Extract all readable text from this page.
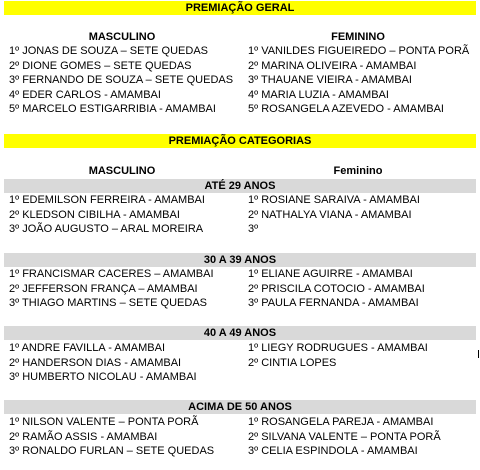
PREMIAÇÃO GERAL
MASCULINO	FEMININO
1º JONAS DE SOUZA – SETE QUEDAS
2º DIONE GOMES – SETE QUEDAS
3º FERNANDO DE SOUZA – SETE QUEDAS
4º EDER CARLOS - AMAMBAI
5º MARCELO ESTIGARRIBIA - AMAMBAI
1º VANILDES FIGUEIREDO – PONTA PORÃ
2º MARINA OLIVEIRA - AMAMBAI
3º THAUANE VIEIRA - AMAMBAI
4º MARIA LUZIA - AMAMBAI
5º ROSANGELA AZEVEDO - AMAMBAI
PREMIAÇÃO CATEGORIAS
MASCULINO	Feminino
ATÉ 29 ANOS
1º EDEMILSON FERREIRA - AMAMBAI
2º KLEDSON CIBILHA - AMAMBAI
3º JOÃO AUGUSTO – ARAL MOREIRA
1º ROSIANE SARAIVA - AMAMBAI
2º NATHALYA VIANA - AMAMBAI
3º
30 A 39 ANOS
1º FRANCISMAR CACERES – AMAMBAI
2º JEFFERSON FRANÇA – AMAMBAI
3º THIAGO MARTINS – SETE QUEDAS
1º ELIANE AGUIRRE - AMAMBAI
2º PRISCILA COTOCIO - AMAMBAI
3º PAULA FERNANDA - AMAMBAI
40 A 49 ANOS
1º ANDRE FAVILLA - AMAMBAI
2º HANDERSON DIAS - AMAMBAI
3º HUMBERTO NICOLAU - AMAMBAI
1º LIEGY RODRUGUES - AMAMBAI
2º CINTIA LOPES
ACIMA DE 50 ANOS
1º NILSON VALENTE – PONTA PORÃ
2º RAMÃO ASSIS - AMAMBAI
3º RONALDO FURLAN – SETE QUEDAS
1º ROSANGELA PAREJA - AMAMBAI
2º SILVANA VALENTE – PONTA PORÃ
3º CELIA ESPINDOLA - AMAMBAI
